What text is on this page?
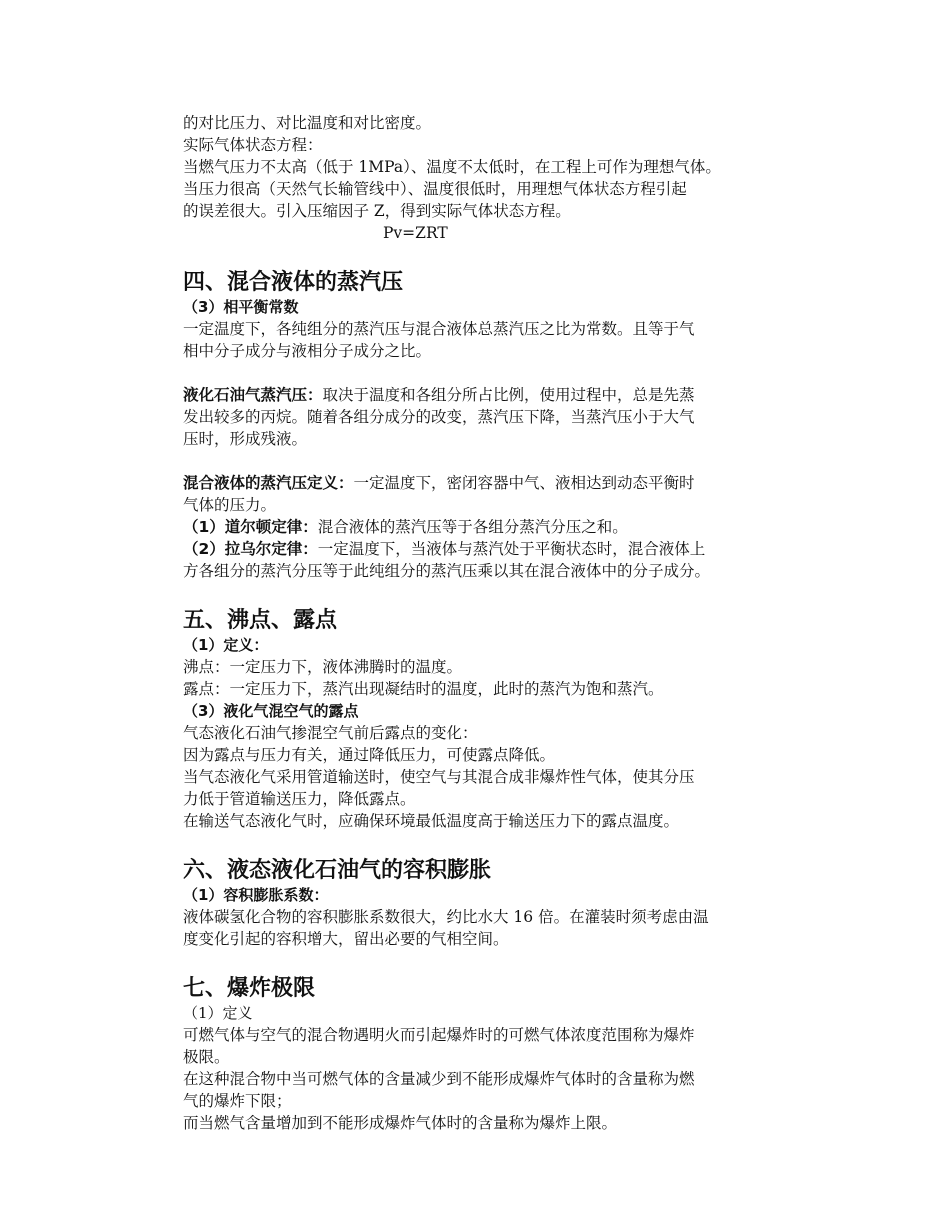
的对比压力、对比温度和对比密度。
实际气体状态方程：
当燃气压力不太高（低于 1MPa）、温度不太低时，在工程上可作为理想气体。
当压力很高（天然气长输管线中）、温度很低时，用理想气体状态方程引起
的误差很大。引入压缩因子 Z，得到实际气体状态方程。
Pv=ZRT
四、混合液体的蒸汽压
（3）相平衡常数
一定温度下，各纯组分的蒸汽压与混合液体总蒸汽压之比为常数。且等于气
相中分子成分与液相分子成分之比。
液化石油气蒸汽压：取决于温度和各组分所占比例，使用过程中，总是先蒸
发出较多的丙烷。随着各组分成分的改变，蒸汽压下降，当蒸汽压小于大气
压时，形成残液。
混合液体的蒸汽压定义：一定温度下，密闭容器中气、液相达到动态平衡时
气体的压力。
（1）道尔顿定律：混合液体的蒸汽压等于各组分蒸汽分压之和。
（2）拉乌尔定律：一定温度下，当液体与蒸汽处于平衡状态时，混合液体上
方各组分的蒸汽分压等于此纯组分的蒸汽压乘以其在混合液体中的分子成分。
五、沸点、露点
（1）定义：
沸点：一定压力下，液体沸腾时的温度。
露点：一定压力下，蒸汽出现凝结时的温度，此时的蒸汽为饱和蒸汽。
（3）液化气混空气的露点
气态液化石油气掺混空气前后露点的变化：
因为露点与压力有关，通过降低压力，可使露点降低。
当气态液化气采用管道输送时，使空气与其混合成非爆炸性气体，使其分压
力低于管道输送压力，降低露点。
在输送气态液化气时，应确保环境最低温度高于输送压力下的露点温度。
六、液态液化石油气的容积膨胀
（1）容积膨胀系数：
液体碳氢化合物的容积膨胀系数很大，约比水大 16 倍。在灌装时须考虑由温
度变化引起的容积增大，留出必要的气相空间。
七、爆炸极限
（1）定义
可燃气体与空气的混合物遇明火而引起爆炸时的可燃气体浓度范围称为爆炸
极限。
在这种混合物中当可燃气体的含量减少到不能形成爆炸气体时的含量称为燃
气的爆炸下限；
而当燃气含量增加到不能形成爆炸气体时的含量称为爆炸上限。
